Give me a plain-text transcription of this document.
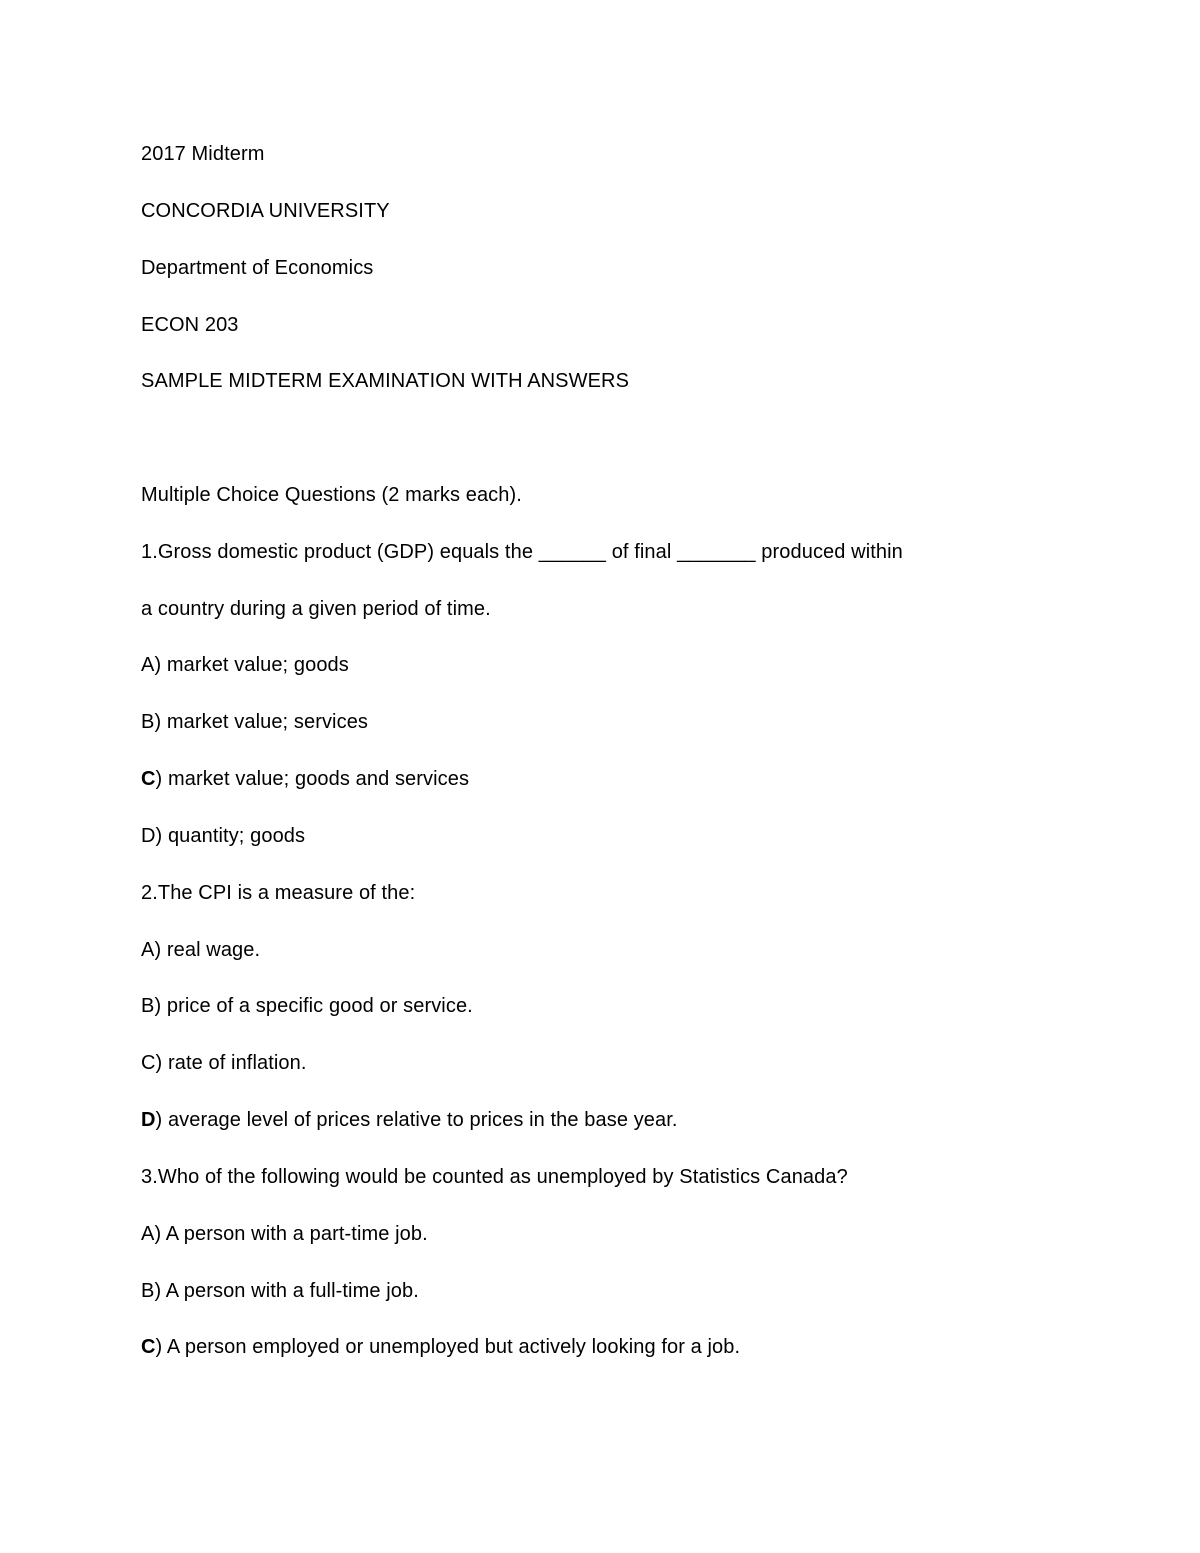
2017 Midterm
CONCORDIA UNIVERSITY
Department of Economics
ECON 203
SAMPLE MIDTERM EXAMINATION WITH ANSWERS
Multiple Choice Questions (2 marks each).
1.Gross domestic product (GDP) equals the ______ of final _______ produced within
a country during a given period of time.
A) market value; goods
B) market value; services
C) market value; goods and services
D) quantity; goods
2.The CPI is a measure of the:
A) real wage.
B) price of a specific good or service.
C) rate of inflation.
D) average level of prices relative to prices in the base year.
3.Who of the following would be counted as unemployed by Statistics Canada?
A) A person with a part-time job.
B) A person with a full-time job.
C) A person employed or unemployed but actively looking for a job.
